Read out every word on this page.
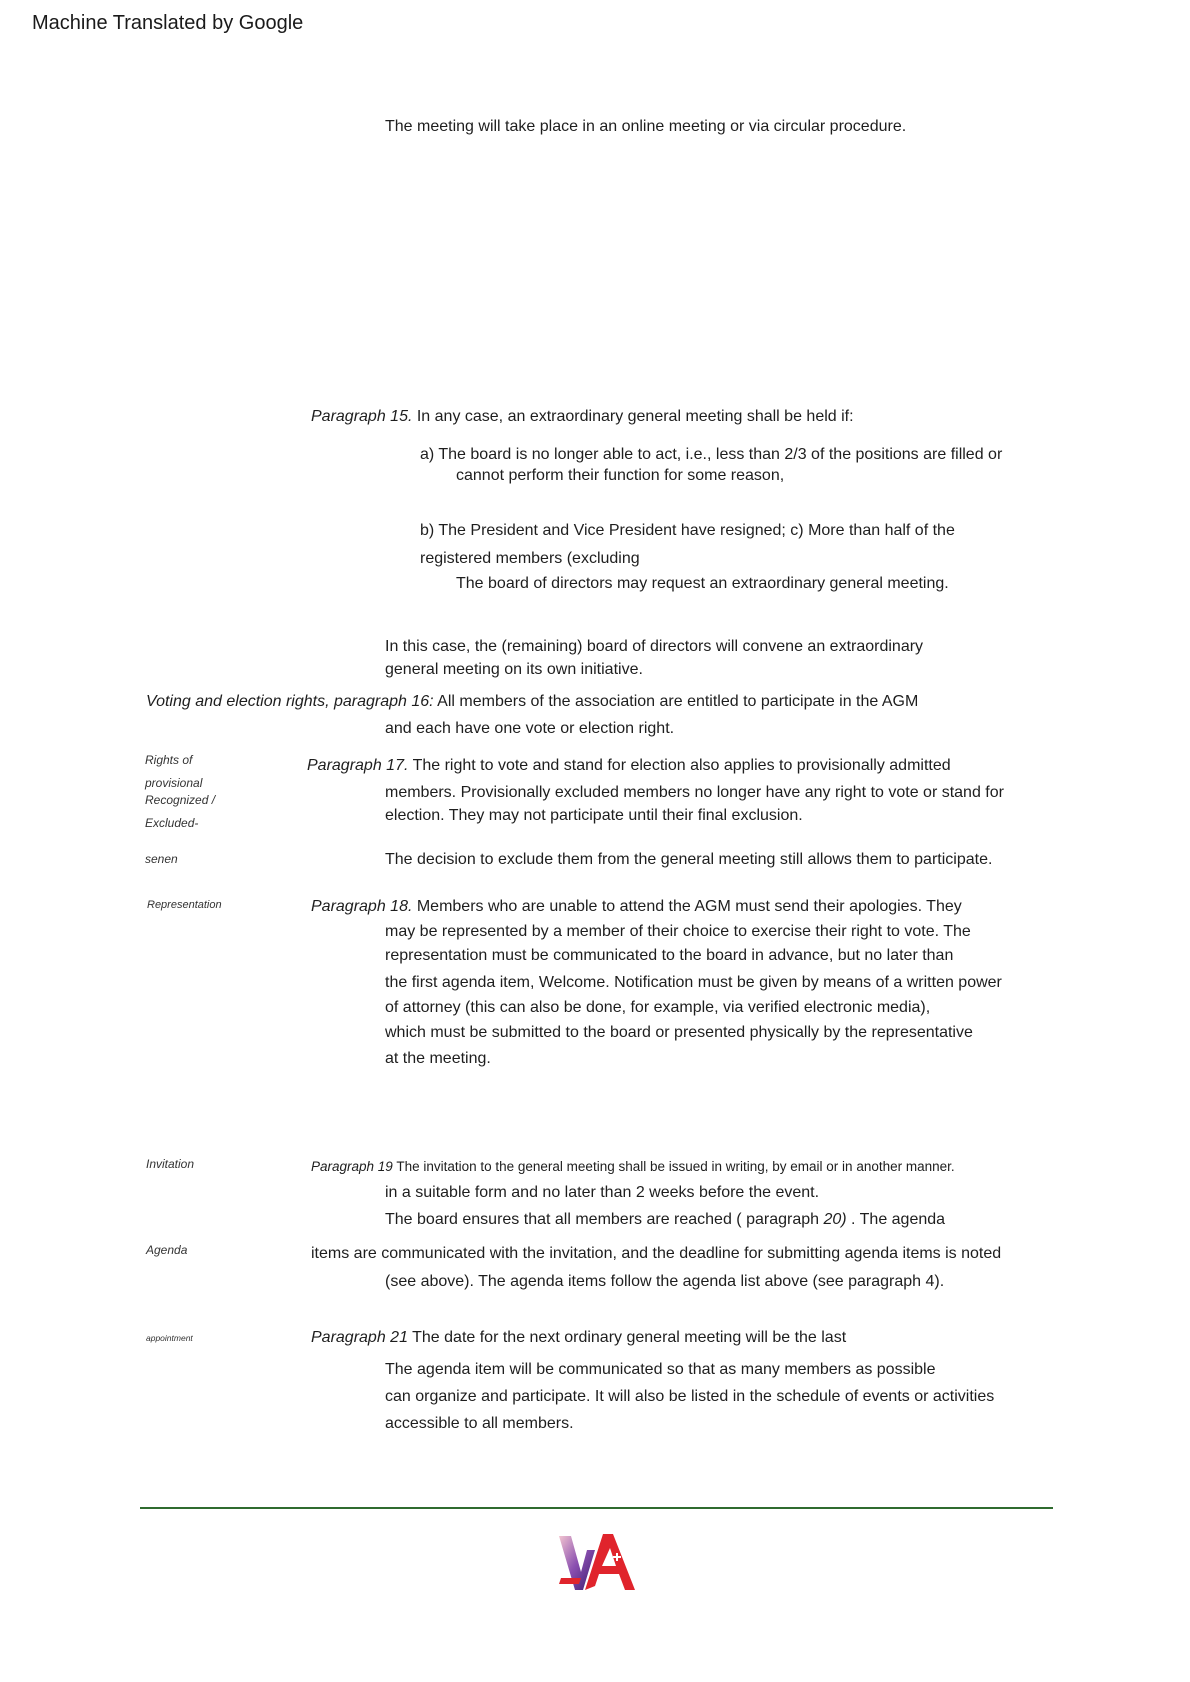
Machine Translated by Google
The meeting will take place in an online meeting or via circular procedure.
Paragraph 15. In any case, an extraordinary general meeting shall be held if:
a) The board is no longer able to act, i.e., less than 2/3 of the positions are filled or
cannot perform their function for some reason,
b) The President and Vice President have resigned; c) More than half of the
registered members (excluding
The board of directors may request an extraordinary general meeting.
In this case, the (remaining) board of directors will convene an extraordinary
general meeting on its own initiative.
Voting and election rights, paragraph 16: All members of the association are entitled to participate in the AGM
and each have one vote or election right.
Rights of
provisional
Recognized /
Excluded-
senen
Representation
Invitation
Agenda
appointment
Paragraph 17. The right to vote and stand for election also applies to provisionally admitted
members. Provisionally excluded members no longer have any right to vote or stand for
election. They may not participate until their final exclusion.
The decision to exclude them from the general meeting still allows them to participate.
Paragraph 18. Members who are unable to attend the AGM must send their apologies. They
may be represented by a member of their choice to exercise their right to vote. The
representation must be communicated to the board in advance, but no later than
the first agenda item, Welcome. Notification must be given by means of a written power
of attorney (this can also be done, for example, via verified electronic media),
which must be submitted to the board or presented physically by the representative
at the meeting.
Paragraph 19 The invitation to the general meeting shall be issued in writing, by email or in another manner.
in a suitable form and no later than 2 weeks before the event.
The board ensures that all members are reached ( paragraph 20) . The agenda
items are communicated with the invitation, and the deadline for submitting agenda items is noted
(see above). The agenda items follow the agenda list above (see paragraph 4).
Paragraph 21 The date for the next ordinary general meeting will be the last
The agenda item will be communicated so that as many members as possible
can organize and participate. It will also be listed in the schedule of events or activities
accessible to all members.
